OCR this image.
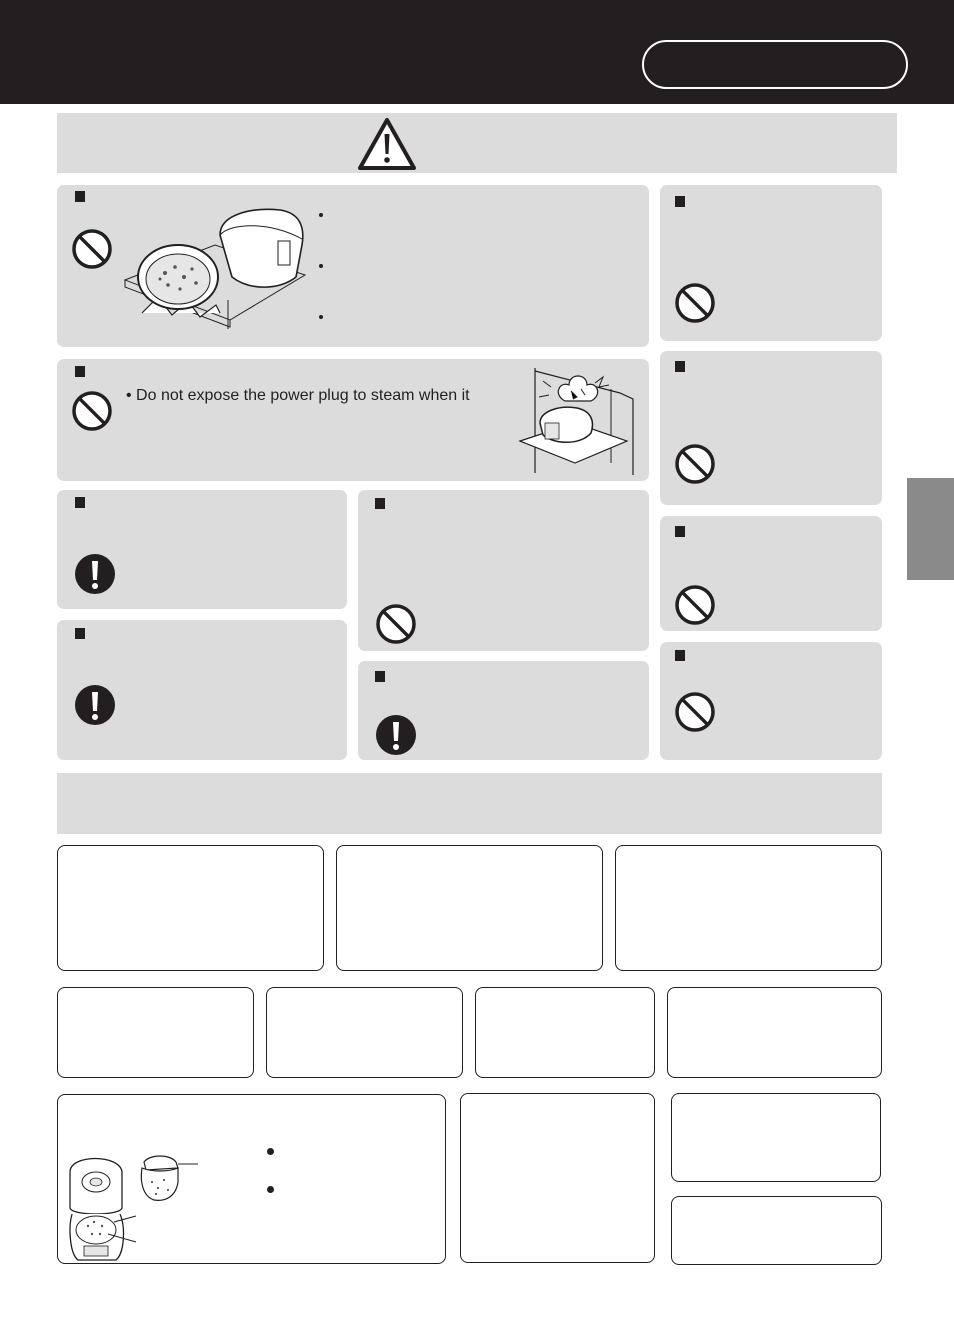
• Do not expose the power plug to steam when it
